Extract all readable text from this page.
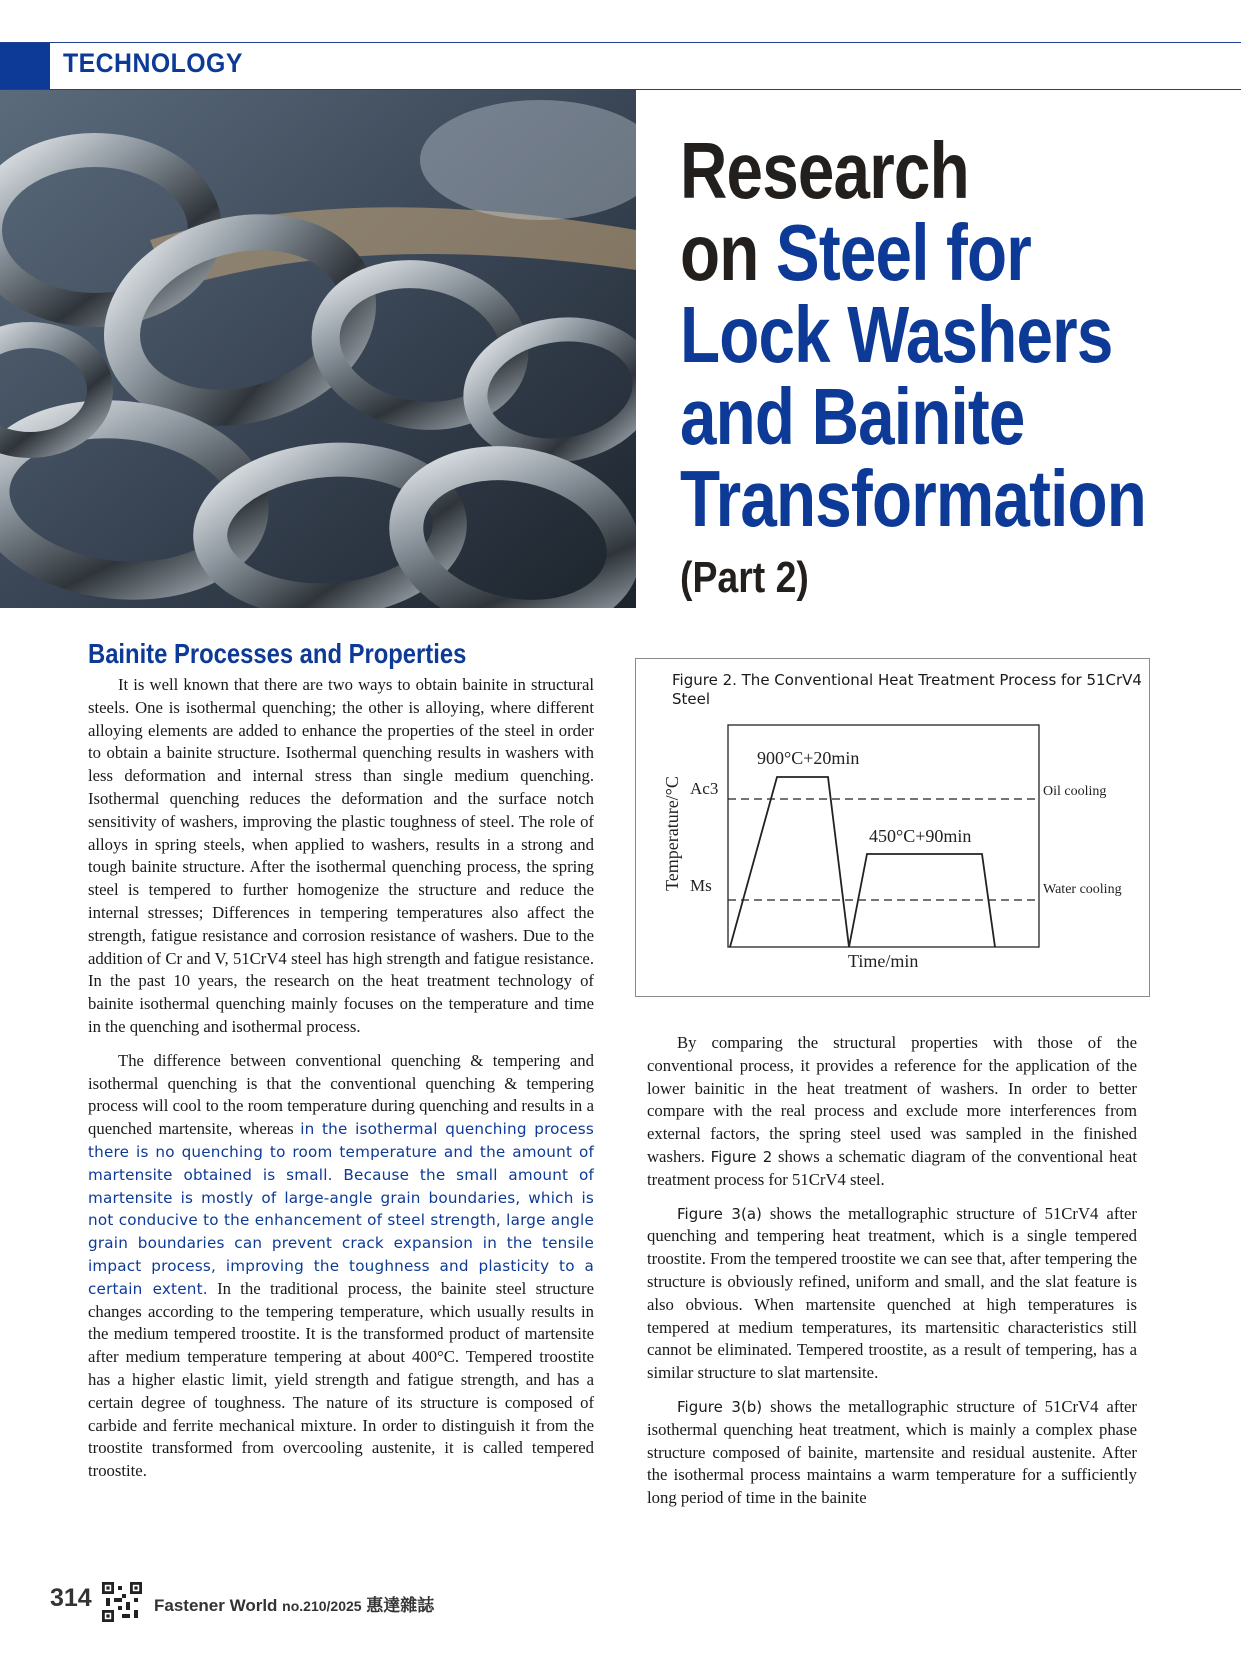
TECHNOLOGY
Research
on Steel for
Lock Washers
and Bainite
Transformation
(Part 2)
Bainite Processes and Properties

It is well known that there are two ways to obtain bainite in structural steels. One is isothermal quenching; the other is alloying, where different alloying elements are added to enhance the properties of the steel in order to obtain a bainite structure. Isothermal quenching results in washers with less deformation and internal stress than single medium quenching. Isothermal quenching reduces the deformation and the surface notch sensitivity of washers, improving the plastic toughness of steel. The role of alloys in spring steels, when applied to washers, results in a strong and tough bainite structure. After the isothermal quenching process, the spring steel is tempered to further homogenize the structure and reduce the internal stresses; Differences in tempering temperatures also affect the strength, fatigue resistance and corrosion resistance of washers. Due to the addition of Cr and V, 51CrV4 steel has high strength and fatigue resistance. In the past 10 years, the research on the heat treatment technology of bainite isothermal quenching mainly focuses on the temperature and time in the quenching and isothermal process.

The difference between conventional quenching & tempering and isothermal quenching is that the conventional quenching & tempering process will cool to the room temperature during quenching and results in a quenched martensite, whereas in the isothermal quenching process there is no quenching to room temperature and the amount of martensite obtained is small. Because the small amount of martensite is mostly of large-angle grain boundaries, which is not conducive to the enhancement of steel strength, large angle grain boundaries can prevent crack expansion in the tensile impact process, improving the toughness and plasticity to a certain extent. In the traditional process, the bainite steel structure changes according to the tempering temperature, which usually results in the medium tempered troostite. It is the transformed product of martensite after medium temperature tempering at about 400°C. Tempered troostite has a higher elastic limit, yield strength and fatigue strength, and has a certain degree of toughness. The nature of its structure is composed of carbide and ferrite mechanical mixture. In order to distinguish it from the troostite transformed from overcooling austenite, it is called tempered troostite.

Figure 2. The Conventional Heat Treatment Process for 51CrV4 Steel
900°C+20min
450°C+90min
Ac3
Ms
Oil cooling
Water cooling
Time/min
Temperature/°C

By comparing the structural properties with those of the conventional process, it provides a reference for the application of the lower bainitic in the heat treatment of washers. In order to better compare with the real process and exclude more interferences from external factors, the spring steel used was sampled in the finished washers. Figure 2 shows a schematic diagram of the conventional heat treatment process for 51CrV4 steel.

Figure 3(a) shows the metallographic structure of 51CrV4 after quenching and tempering heat treatment, which is a single tempered troostite. From the tempered troostite we can see that, after tempering the structure is obviously refined, uniform and small, and the slat feature is also obvious. When martensite quenched at high temperatures is tempered at medium temperatures, its martensitic characteristics still cannot be eliminated. Tempered troostite, as a result of tempering, has a similar structure to slat martensite.

Figure 3(b) shows the metallographic structure of 51CrV4 after isothermal quenching heat treatment, which is mainly a complex phase structure composed of bainite, martensite and residual austenite. After the isothermal process maintains a warm temperature for a sufficiently long period of time in the bainite

314	Fastener World no.210/2025 惠達雜誌
